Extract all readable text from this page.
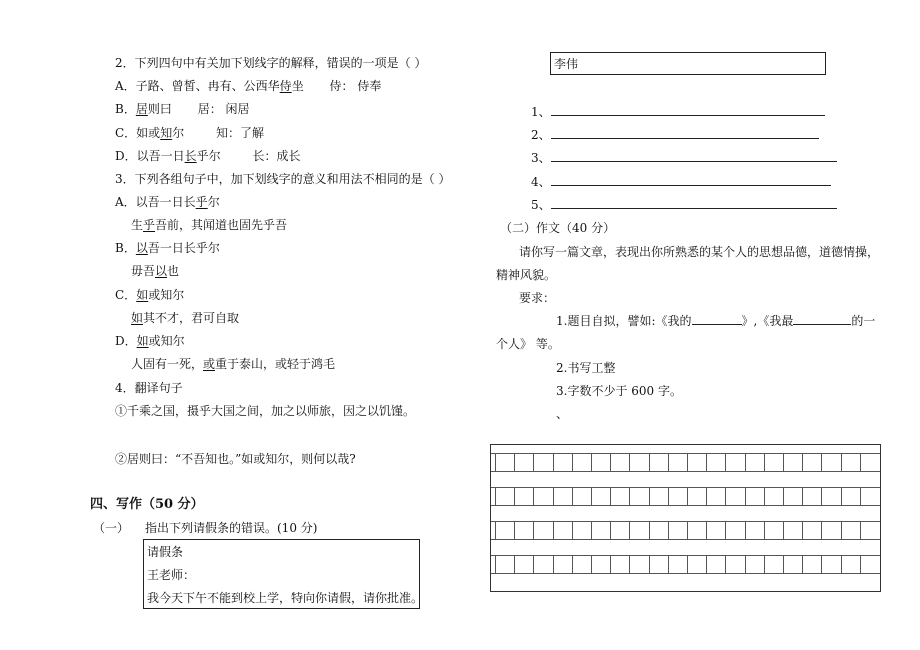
2．下列四句中有关加下划线字的解释，错误的一项是（ ）
A．子路、曾皙、冉有、公西华侍坐 侍： 侍奉
B．居则曰 居： 闲居
C．如或知尔	知：了解
D．以吾一日长乎尔	长：成长
3．下列各组句子中，加下划线字的意义和用法不相同的是（ ）
A．以吾一日长乎尔
生乎吾前，其闻道也固先乎吾
B．以吾一日长乎尔
毋吾以也
C．如或知尔
如其不才，君可自取
D．如或知尔
人固有一死，或重于泰山，或轻于鸿毛
4．翻译句子
①千乘之国，摄乎大国之间，加之以师旅，因之以饥馑。
②居则曰：“不吾知也。”如或知尔，则何以哉?
四、写作（50 分）
（一） 指出下列请假条的错误。(10 分)
请假条
王老师：
我今天下午不能到校上学，特向你请假，请你批准。
李伟
1、
2、
3、
4、
5、
（二）作文（40 分）
请你写一篇文章，表现出你所熟悉的某个人的思想品德，道德情操，
精神风貌。
要求：
1.题目自拟，譬如:《我的	》,《我最	的一
个人》 等。
2.书写工整
3.字数不少于 600 字。
、
